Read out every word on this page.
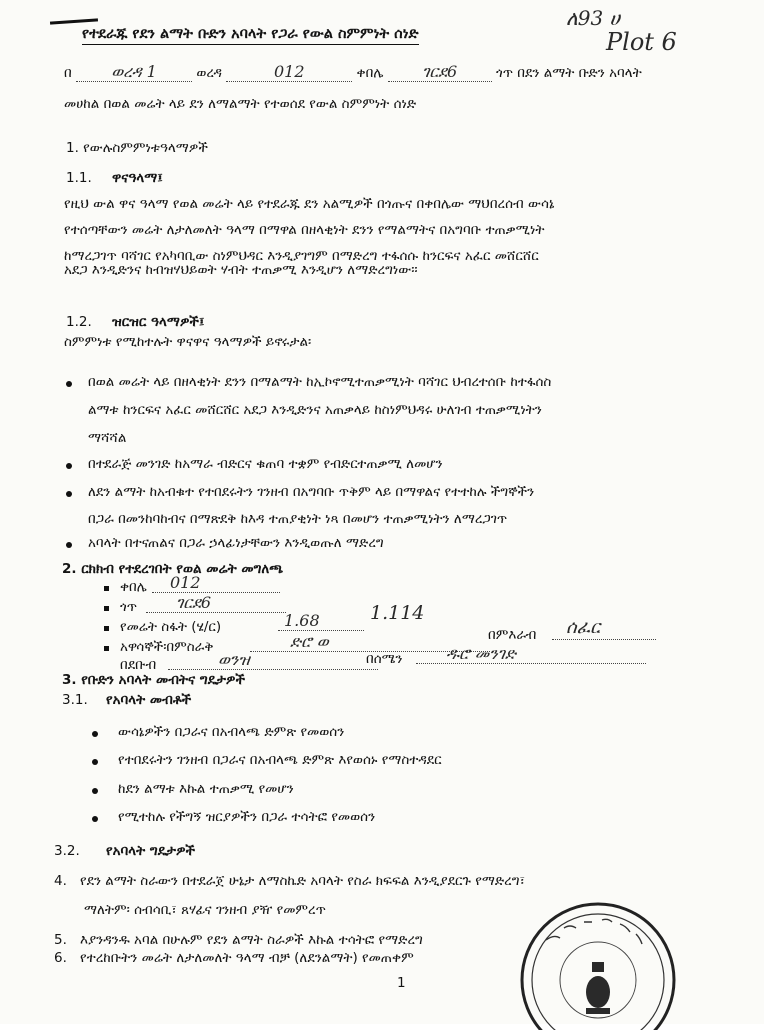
ለ93 ሀ
Plot 6
የተደራጁ የደን ልማት ቡድን አባላት የጋራ የውል ስምምነት ሰነድ
በ ወረዳ 1	ወረዳ	012	ቀበሌ ገርደ6	ጎጥ በደን ልማት ቡድን አባላት
መሀከል በወል መሬት ላይ ደን ለማልማት የተወሰደ የውል ስምምነት ሰነድ
1. የውሉስምምነቱዓላማዎች
1.1. ዋናዓላማ፤
የዚህ ውል ዋና ዓላማ የወል መሬት ላይ የተደራጁ ደን አልሚዎች በጎጡና በቀበሌው ማህበረሰብ ውሳኔ
የተሰጣቸውን መሬት ለታለመለት ዓላማ በማዋል በዘላቂነት ደንን የማልማትና በአግባቡ ተጠቃሚነት
ከማረጋገጥ ባሻገር የአካባቢው ስነምህዳር እንዲያገግም በማድረግ ተፋሰሱ ከንርፍና አፈር መሸርሸር
አደጋ እንዲድንና ከብዝሃህይወት ሃብት ተጠቃሚ እንዲሆን ለማድረግነው፡፡
1.2. ዝርዝር ዓላማዎች፤
ስምምነቱ የሚከተሉት ዋናዋና ዓላማዎች ይኖሩታል፡
በወል መሬት ላይ በዘላቂነት ደንን በማልማት ከኢኮኖሚተጠቃሚነት ባሻገር ህብረተሰቡ ከተፋሰስ
ልማቱ ከንርፍና አፈር መሸርሸር አደጋ እንዲድንና አጠቃላይ ከስነምህዳሩ ሁለገብ ተጠቃሚነትን
ማሻሻል
በተደራጅ መንገድ ከአማራ ብድርና ቁጠባ ተቋም የብድርተጠቃሚ ለመሆን
ለደን ልማት ከአብቁተ የተበደሩትን ገንዘብ በአግባቡ ጥቅም ላይ በማዋልና የተተከሉ ችግኞችን
በጋራ በመንከባከብና በማጽደቅ ከእዳ ተጠያቂነት ነጻ በመሆን ተጠቃሚነትን ለማረጋገጥ
አባላት በተናጠልና በጋራ ኃላፊነታቸውን እንዲወጡለ ማድረግ
2. ርክክብ የተደረገበት የወል መሬት መግለጫ
ቀበሌ	012
ጎጥ	ገርደ6
የመሬት ስፋት (ሄ/ር)	1.68	1.114
አዋሳኞች፡በምስራቅ	ድሮ ወ	በምእራብ	ሰፈር
በደቡብ	ወንዝ	በሰሜን	ዱሮ መንገድ
3. የቡድን አባላት መብትና ግዴታዎች
3.1. የአባላት መብቶች
ውሳኔዎችን በጋራና በአብላጫ ድምጽ የመወሰን
የተበደሩትን ገንዘብ በጋራና በአብላጫ ድምጽ እየወሰኑ የማስተዳደር
ከደን ልማቱ እኩል ተጠቃሚ የመሆን
የሚተከሉ የችግኝ ዝርያዎችን በጋራ ተሳትፎ የመወሰን
3.2. የአባላት ግዴታዎች
4. የደን ልማት ስራውን በተደራጀ ሁኔታ ለማስኬድ አባላት የስራ ክፍፍል እንዲያደርጉ የማድረግ፣
ማለትም፡ ሰብሳቢ፣ ጸሃፊና ገንዘብ ያዥ የመምረጥ
5. እያንዳንዱ አባል በሁሉም የደን ልማት ስራዎች እኩል ተሳትፎ የማድረግ
6. የተረከቡትን መሬት ለታለመለት ዓላማ ብቻ (ለደንልማት) የመጠቀም
1
